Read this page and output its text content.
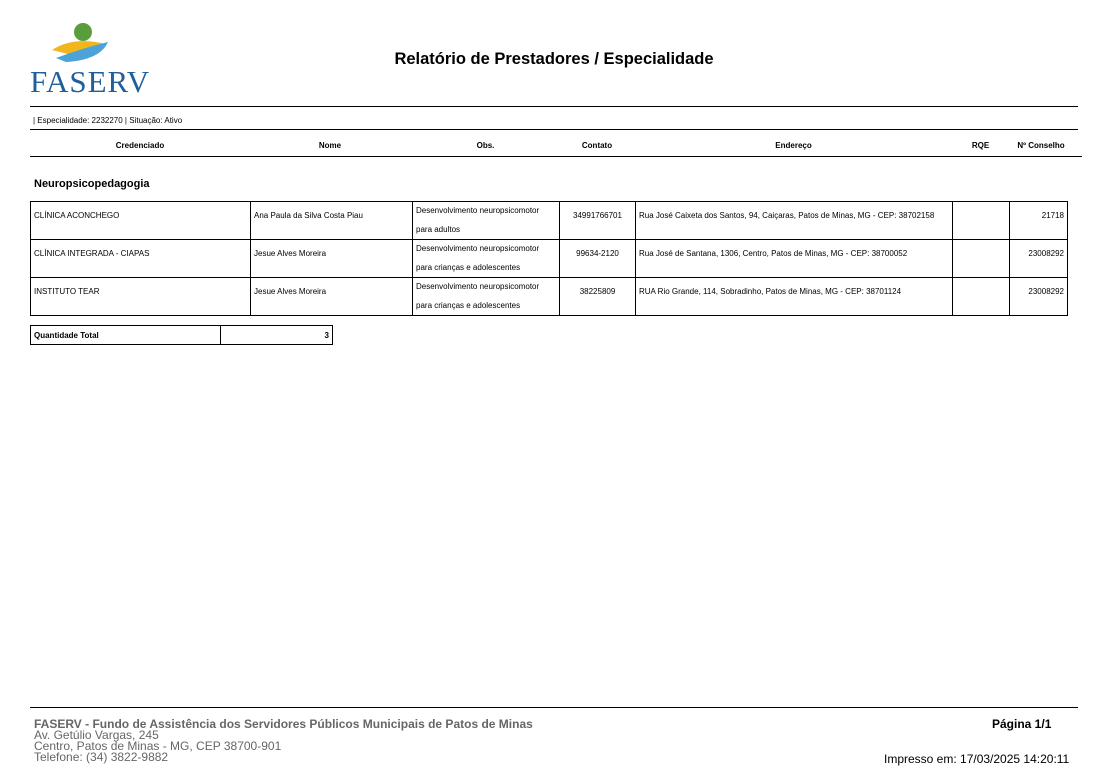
FASERV
Relatório de Prestadores / Especialidade
| Especialidade: 2232270 | Situação: Ativo
Credenciado	Nome	Obs.	Contato	Endereço	RQE	Nº Conselho
Neuropsicopedagogia
CLÍNICA ACONCHEGO	Ana Paula da Silva Costa Piau	Desenvolvimento neuropsicomotor
para adultos	34991766701	Rua José Caixeta dos Santos, 94, Caiçaras, Patos de Minas, MG - CEP: 38702158		21718
CLÍNICA INTEGRADA - CIAPAS	Jesue Alves Moreira	Desenvolvimento neuropsicomotor
para crianças e adolescentes	99634-2120	Rua José de Santana, 1306, Centro, Patos de Minas, MG - CEP: 38700052		23008292
INSTITUTO TEAR	Jesue Alves Moreira	Desenvolvimento neuropsicomotor
para crianças e adolescentes	38225809	RUA Rio Grande, 114, Sobradinho, Patos de Minas, MG - CEP: 38701124		23008292
Quantidade Total	3
FASERV - Fundo de Assistência dos Servidores Públicos Municipais de Patos de Minas
Av. Getúlio Vargas, 245
Centro, Patos de Minas - MG, CEP 38700-901
Telefone: (34) 3822-9882
Página 1/1
Impresso em: 17/03/2025 14:20:11
